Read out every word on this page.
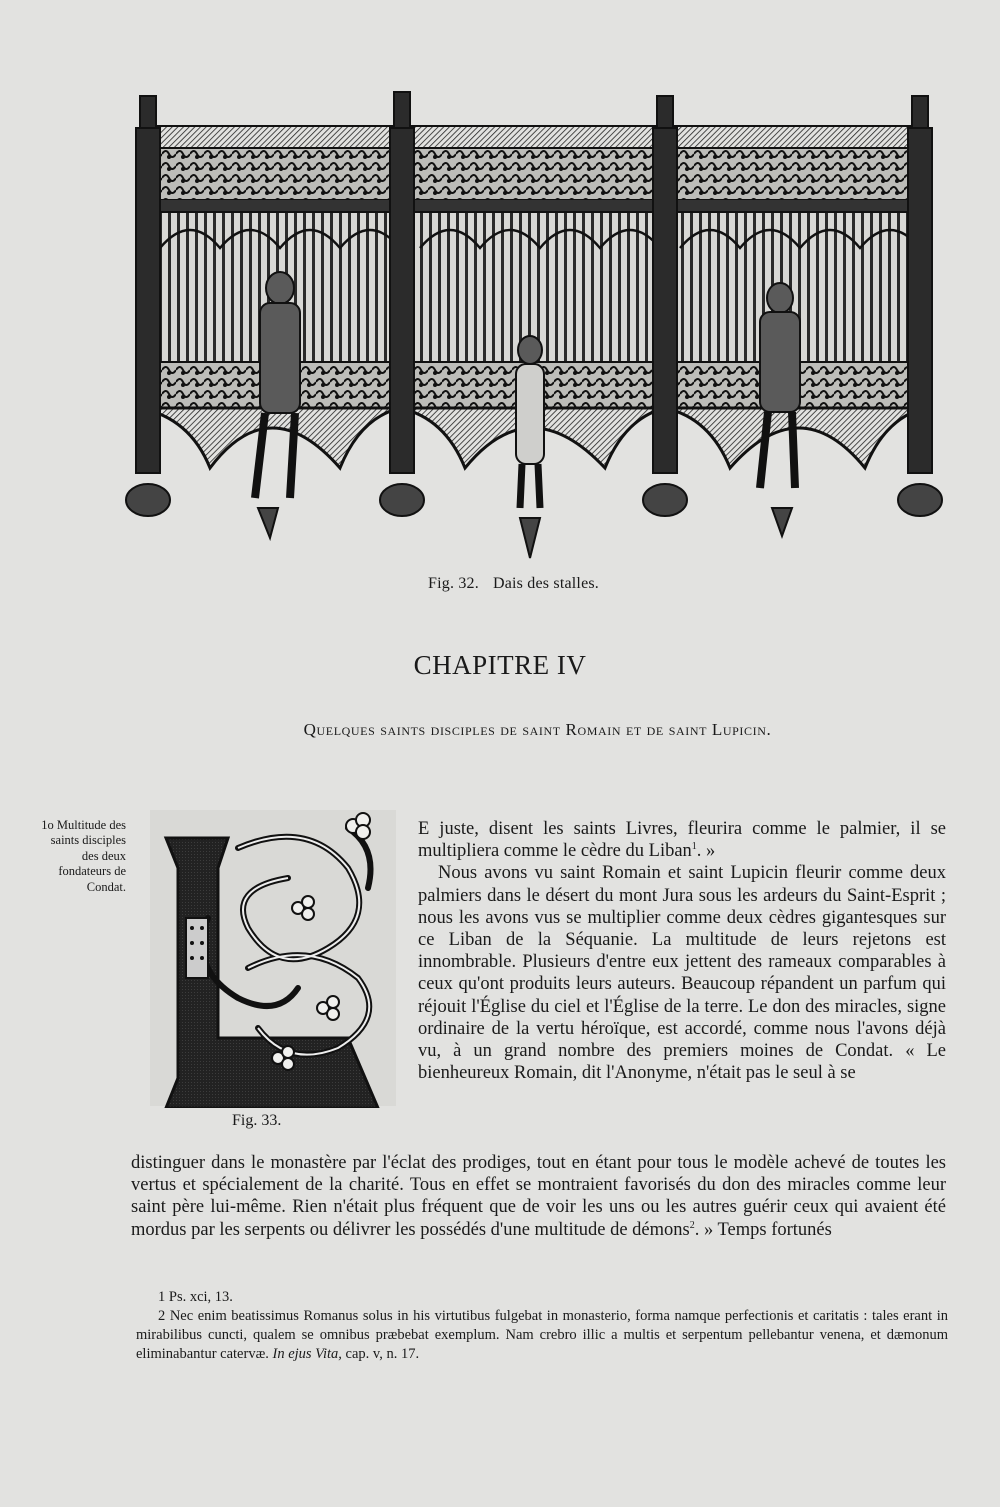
Fig. 32. Dais des stalles.
CHAPITRE IV
Quelques saints disciples de saint Romain et de saint Lupicin.
1o Multitude des saints disciples des deux fondateurs de Condat.
Fig. 33.

E juste, disent les saints Livres, fleurira comme le palmier, il se multipliera comme le cèdre du Liban$^1$. »

Nous avons vu saint Romain et saint Lupicin fleurir comme deux palmiers dans le désert du mont Jura sous les ardeurs du Saint-Esprit ; nous les avons vus se multiplier comme deux cèdres gigantesques sur ce Liban de la Séquanie. La multitude de leurs rejetons est innombrable. Plusieurs d'entre eux jettent des rameaux comparables à ceux qu'ont produits leurs auteurs. Beaucoup répandent un parfum qui réjouit l'Église du ciel et l'Église de la terre. Le don des miracles, signe ordinaire de la vertu héroïque, est accordé, comme nous l'avons déjà vu, à un grand nombre des premiers moines de Condat. « Le bienheureux Romain, dit l'Anonyme, n'était pas le seul à se

distinguer dans le monastère par l'éclat des prodiges, tout en étant pour tous le modèle achevé de toutes les vertus et spécialement de la charité. Tous en effet se montraient favorisés du don des miracles comme leur saint père lui-même. Rien n'était plus fréquent que de voir les uns ou les autres guérir ceux qui avaient été mordus par les serpents ou délivrer les possédés d'une multitude de démons$^2$. » Temps fortunés

1 Ps. xci, 13.

2 Nec enim beatissimus Romanus solus in his virtutibus fulgebat in monasterio, forma namque perfectionis et caritatis : tales erant in mirabilibus cuncti, qualem se omnibus præbebat exemplum. Nam crebro illic a multis et serpentum pellebantur venena, et dæmonum eliminabantur catervæ. In ejus Vita, cap. v, n. 17.
